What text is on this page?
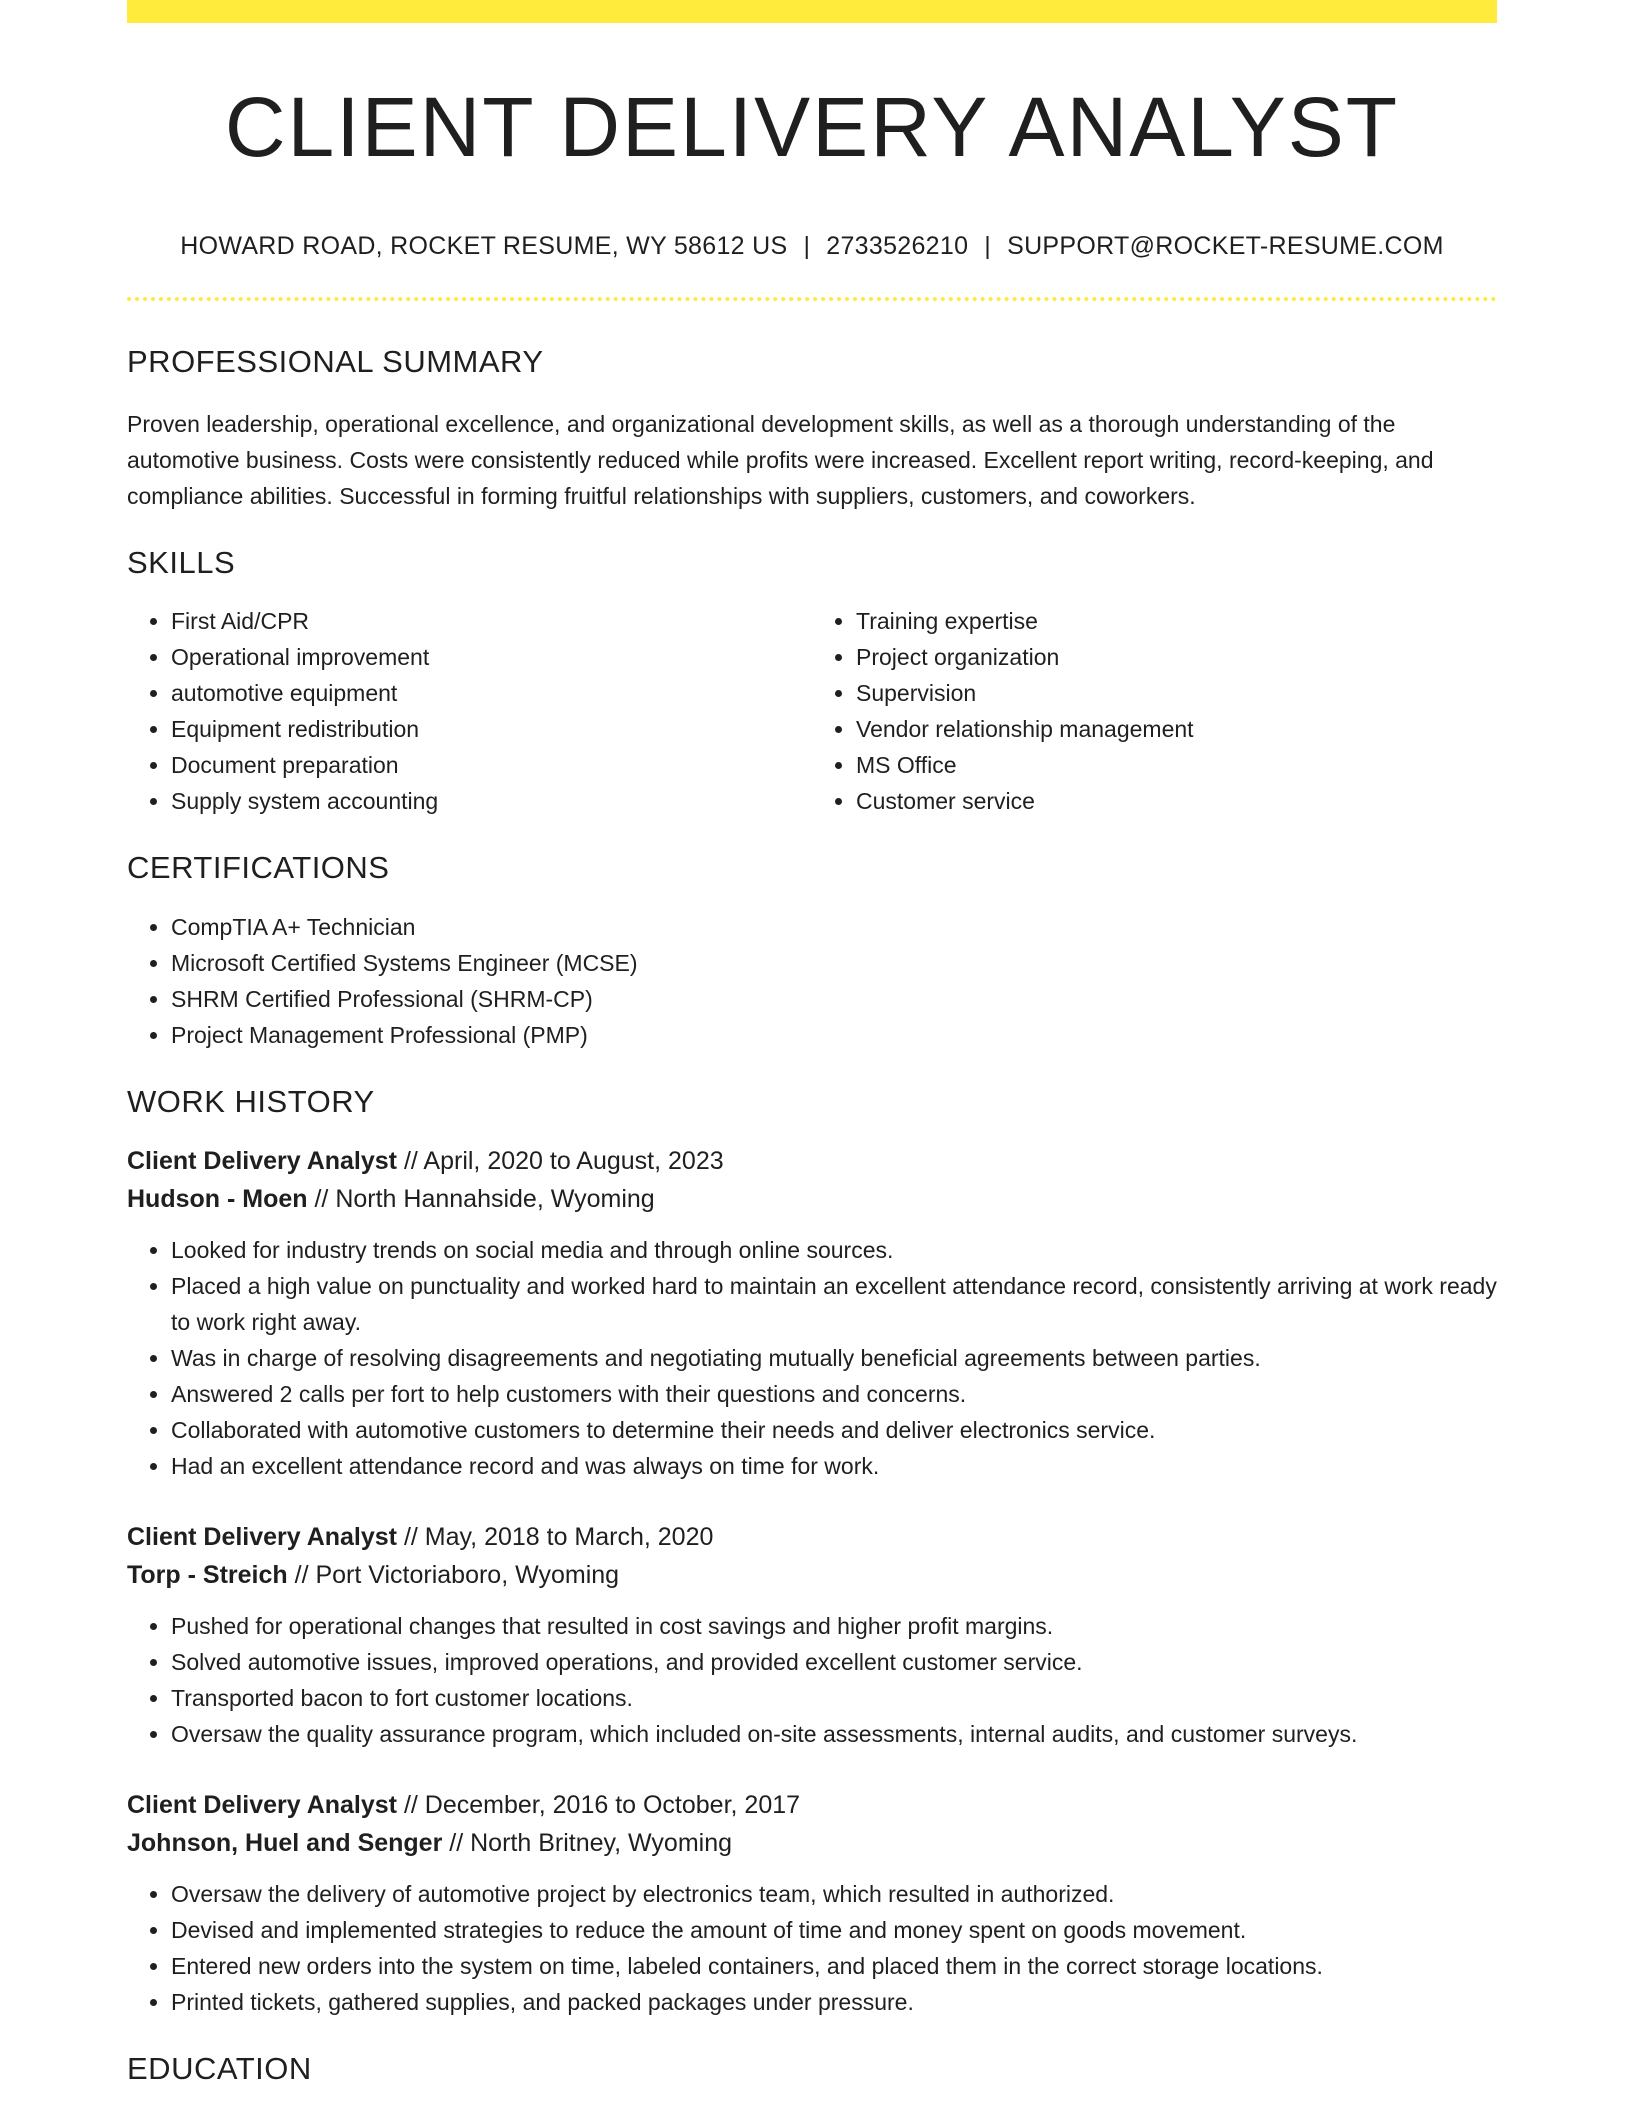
CLIENT DELIVERY ANALYST
HOWARD ROAD, ROCKET RESUME, WY 58612 US | 2733526210 | SUPPORT@ROCKET-RESUME.COM
PROFESSIONAL SUMMARY

Proven leadership, operational excellence, and organizational development skills, as well as a thorough understanding of the automotive business. Costs were consistently reduced while profits were increased. Excellent report writing, record-keeping, and compliance abilities. Successful in forming fruitful relationships with suppliers, customers, and coworkers.

SKILLS
• First Aid/CPR
• Operational improvement
• automotive equipment
• Equipment redistribution
• Document preparation
• Supply system accounting
• Training expertise
• Project organization
• Supervision
• Vendor relationship management
• MS Office
• Customer service
CERTIFICATIONS
• CompTIA A+ Technician
• Microsoft Certified Systems Engineer (MCSE)
• SHRM Certified Professional (SHRM-CP)
• Project Management Professional (PMP)
WORK HISTORY
Client Delivery Analyst // April, 2020 to August, 2023
Hudson - Moen // North Hannahside, Wyoming
• Looked for industry trends on social media and through online sources.
• Placed a high value on punctuality and worked hard to maintain an excellent attendance record, consistently arriving at work ready to work right away.
• Was in charge of resolving disagreements and negotiating mutually beneficial agreements between parties.
• Answered 2 calls per fort to help customers with their questions and concerns.
• Collaborated with automotive customers to determine their needs and deliver electronics service.
• Had an excellent attendance record and was always on time for work.
Client Delivery Analyst // May, 2018 to March, 2020
Torp - Streich // Port Victoriaboro, Wyoming
• Pushed for operational changes that resulted in cost savings and higher profit margins.
• Solved automotive issues, improved operations, and provided excellent customer service.
• Transported bacon to fort customer locations.
• Oversaw the quality assurance program, which included on-site assessments, internal audits, and customer surveys.
Client Delivery Analyst // December, 2016 to October, 2017
Johnson, Huel and Senger // North Britney, Wyoming
• Oversaw the delivery of automotive project by electronics team, which resulted in authorized.
• Devised and implemented strategies to reduce the amount of time and money spent on goods movement.
• Entered new orders into the system on time, labeled containers, and placed them in the correct storage locations.
• Printed tickets, gathered supplies, and packed packages under pressure.
EDUCATION
